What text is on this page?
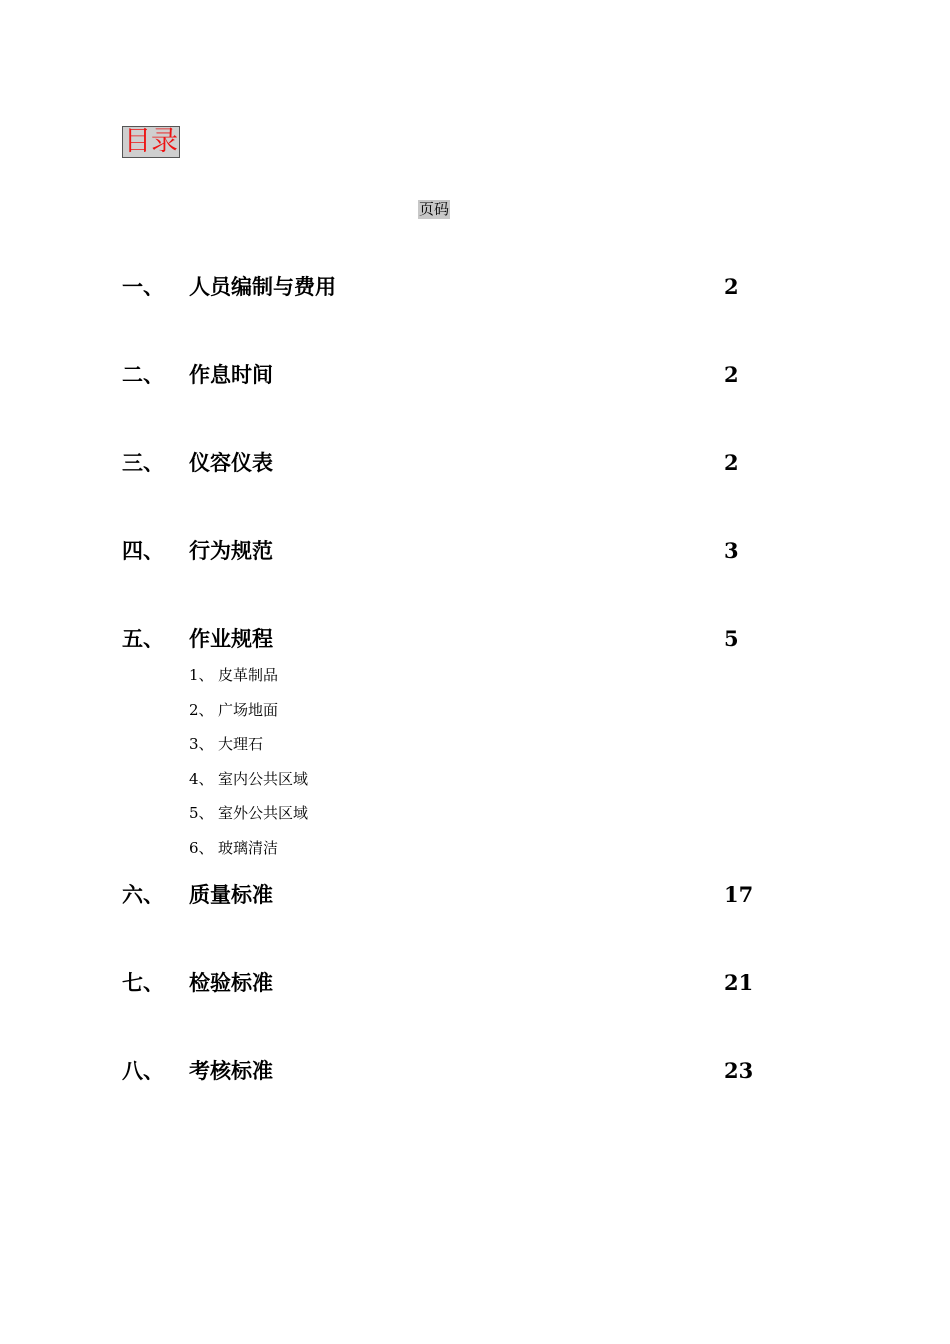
目录
页码
一、 人员编制与费用	2
二、 作息时间	2
三、 仪容仪表	2
四、 行为规范	3
五、 作业规程	5
1、 皮革制品
2、 广场地面
3、 大理石
4、 室内公共区域
5、 室外公共区域
6、 玻璃清洁
六、 质量标准	17
七、 检验标准	21
八、 考核标准	23
